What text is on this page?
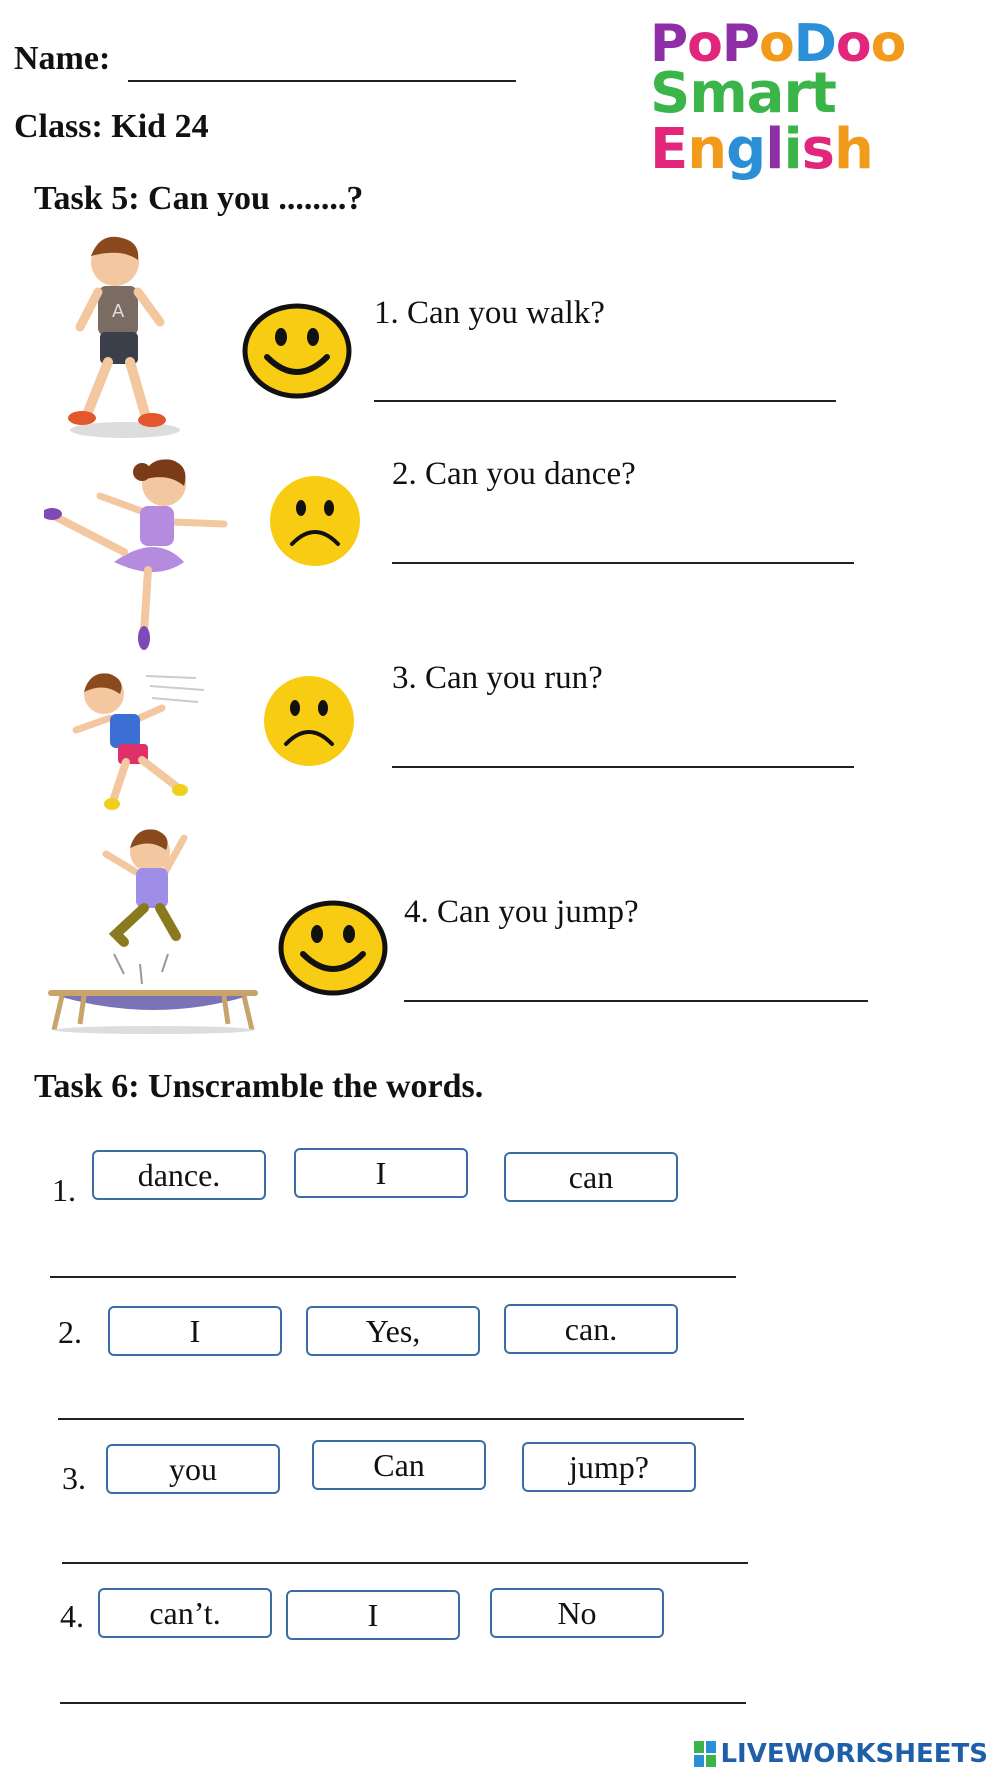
Name:
Class: Kid 24
PoPoDoo
Smart English
Task 5: Can you ........?
A	1. Can you walk?
2. Can you dance?
3. Can you run?
4. Can you jump?
Task 6: Unscramble the words.
1.	dance.	I	can
2.	I	Yes,	can.
3.	you	Can	jump?
4.	can’t.	I	No
LIVEWORKSHEETS
